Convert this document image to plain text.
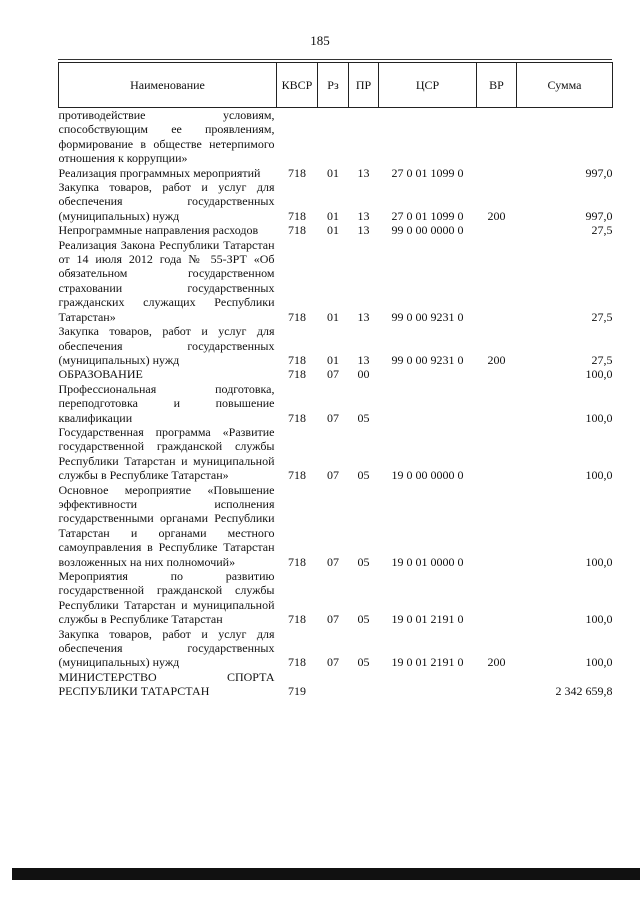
185
Наименование	КВСР	Рз	ПР	ЦСР	ВР	Сумма
противодействие условиям, способствующим ее проявлениям, формирование в обществе нетерпимого отношения к коррупции»						
Реализация программных мероприятий	718	01	13	27 0 01 1099 0		997,0
Закупка товаров, работ и услуг для обеспечения государственных (муниципальных) нужд	718	01	13	27 0 01 1099 0	200	997,0
Непрограммные направления расходов	718	01	13	99 0 00 0000 0		27,5
Реализация Закона Республики Татарстан от 14 июля 2012 года № 55-ЗРТ «Об обязательном государственном страховании государственных гражданских служащих Республики Татарстан»	718	01	13	99 0 00 9231 0		27,5
Закупка товаров, работ и услуг для обеспечения государственных (муниципальных) нужд	718	01	13	99 0 00 9231 0	200	27,5
ОБРАЗОВАНИЕ	718	07	00			100,0
Профессиональная подготовка, переподготовка и повышение квалификации	718	07	05			100,0
Государственная программа «Развитие государственной гражданской службы Республики Татарстан и муниципальной службы в Республике Татарстан»	718	07	05	19 0 00 0000 0		100,0
Основное мероприятие «Повышение эффективности исполнения государственными органами Республики Татарстан и органами местного самоуправления в Республике Татарстан возложенных на них полномочий»	718	07	05	19 0 01 0000 0		100,0
Мероприятия по развитию государственной гражданской службы Республики Татарстан и муниципальной службы в Республике Татарстан	718	07	05	19 0 01 2191 0		100,0
Закупка товаров, работ и услуг для обеспечения государственных (муниципальных) нужд	718	07	05	19 0 01 2191 0	200	100,0
МИНИСТЕРСТВО СПОРТА РЕСПУБЛИКИ ТАТАРСТАН	719					2 342 659,8
